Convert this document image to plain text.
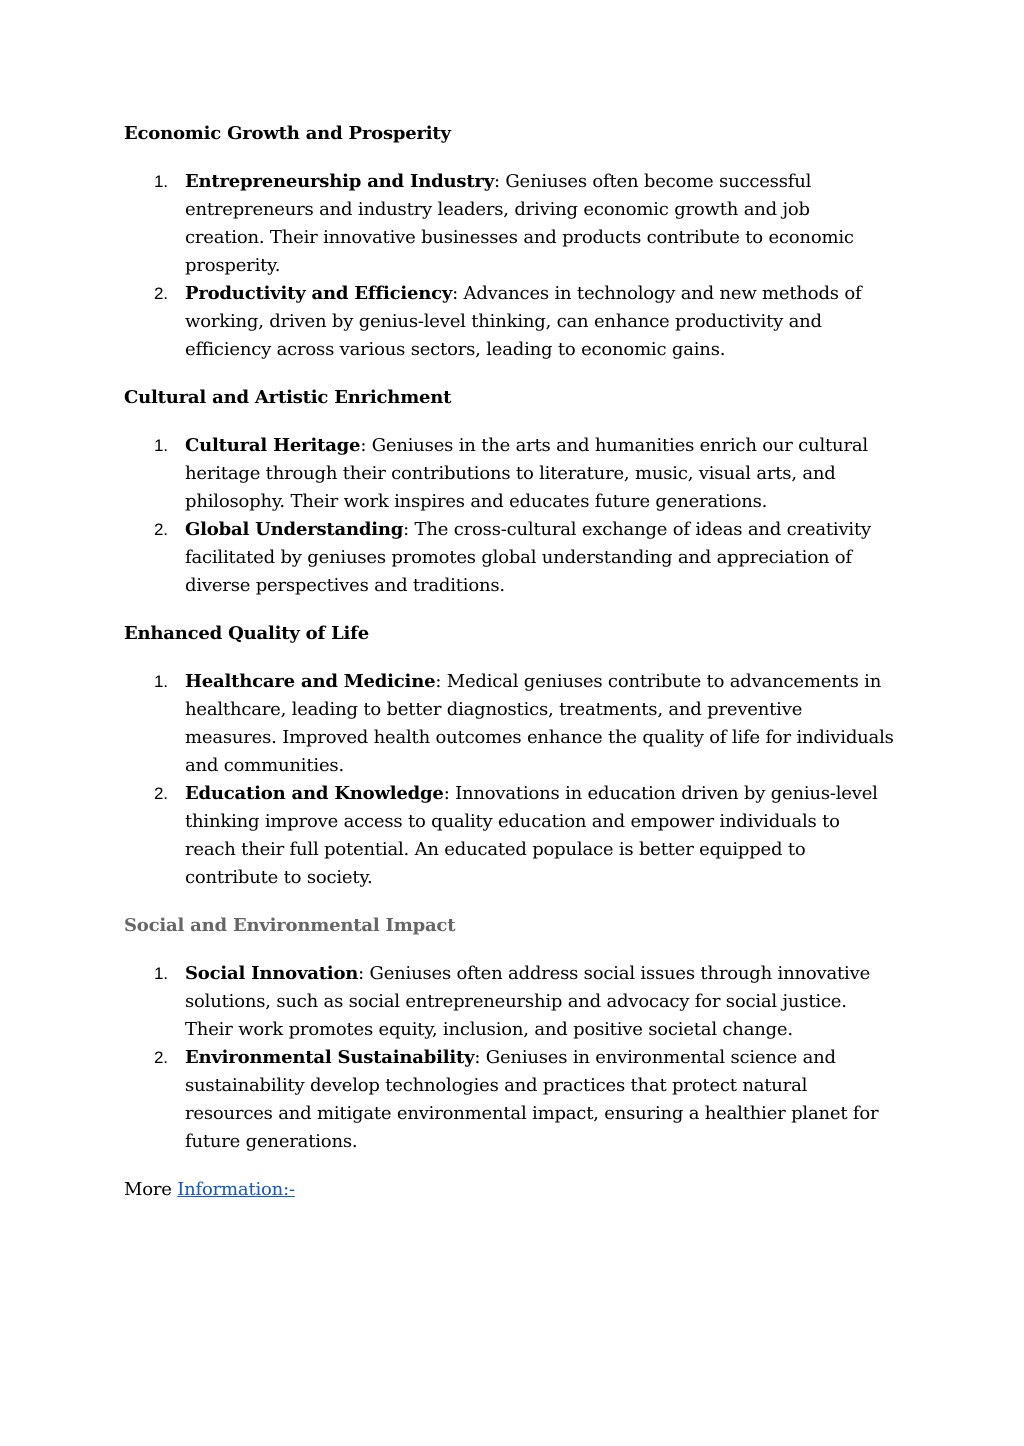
Economic Growth and Prosperity
1. Entrepreneurship and Industry: Geniuses often become successful entrepreneurs and industry leaders, driving economic growth and job creation. Their innovative businesses and products contribute to economic prosperity.
2. Productivity and Efficiency: Advances in technology and new methods of working, driven by genius-level thinking, can enhance productivity and efficiency across various sectors, leading to economic gains.
Cultural and Artistic Enrichment
1. Cultural Heritage: Geniuses in the arts and humanities enrich our cultural heritage through their contributions to literature, music, visual arts, and philosophy. Their work inspires and educates future generations.
2. Global Understanding: The cross-cultural exchange of ideas and creativity facilitated by geniuses promotes global understanding and appreciation of diverse perspectives and traditions.
Enhanced Quality of Life
1. Healthcare and Medicine: Medical geniuses contribute to advancements in healthcare, leading to better diagnostics, treatments, and preventive measures. Improved health outcomes enhance the quality of life for individuals and communities.
2. Education and Knowledge: Innovations in education driven by genius-level thinking improve access to quality education and empower individuals to reach their full potential. An educated populace is better equipped to contribute to society.
Social and Environmental Impact
1. Social Innovation: Geniuses often address social issues through innovative solutions, such as social entrepreneurship and advocacy for social justice. Their work promotes equity, inclusion, and positive societal change.
2. Environmental Sustainability: Geniuses in environmental science and sustainability develop technologies and practices that protect natural resources and mitigate environmental impact, ensuring a healthier planet for future generations.

More Information:-
